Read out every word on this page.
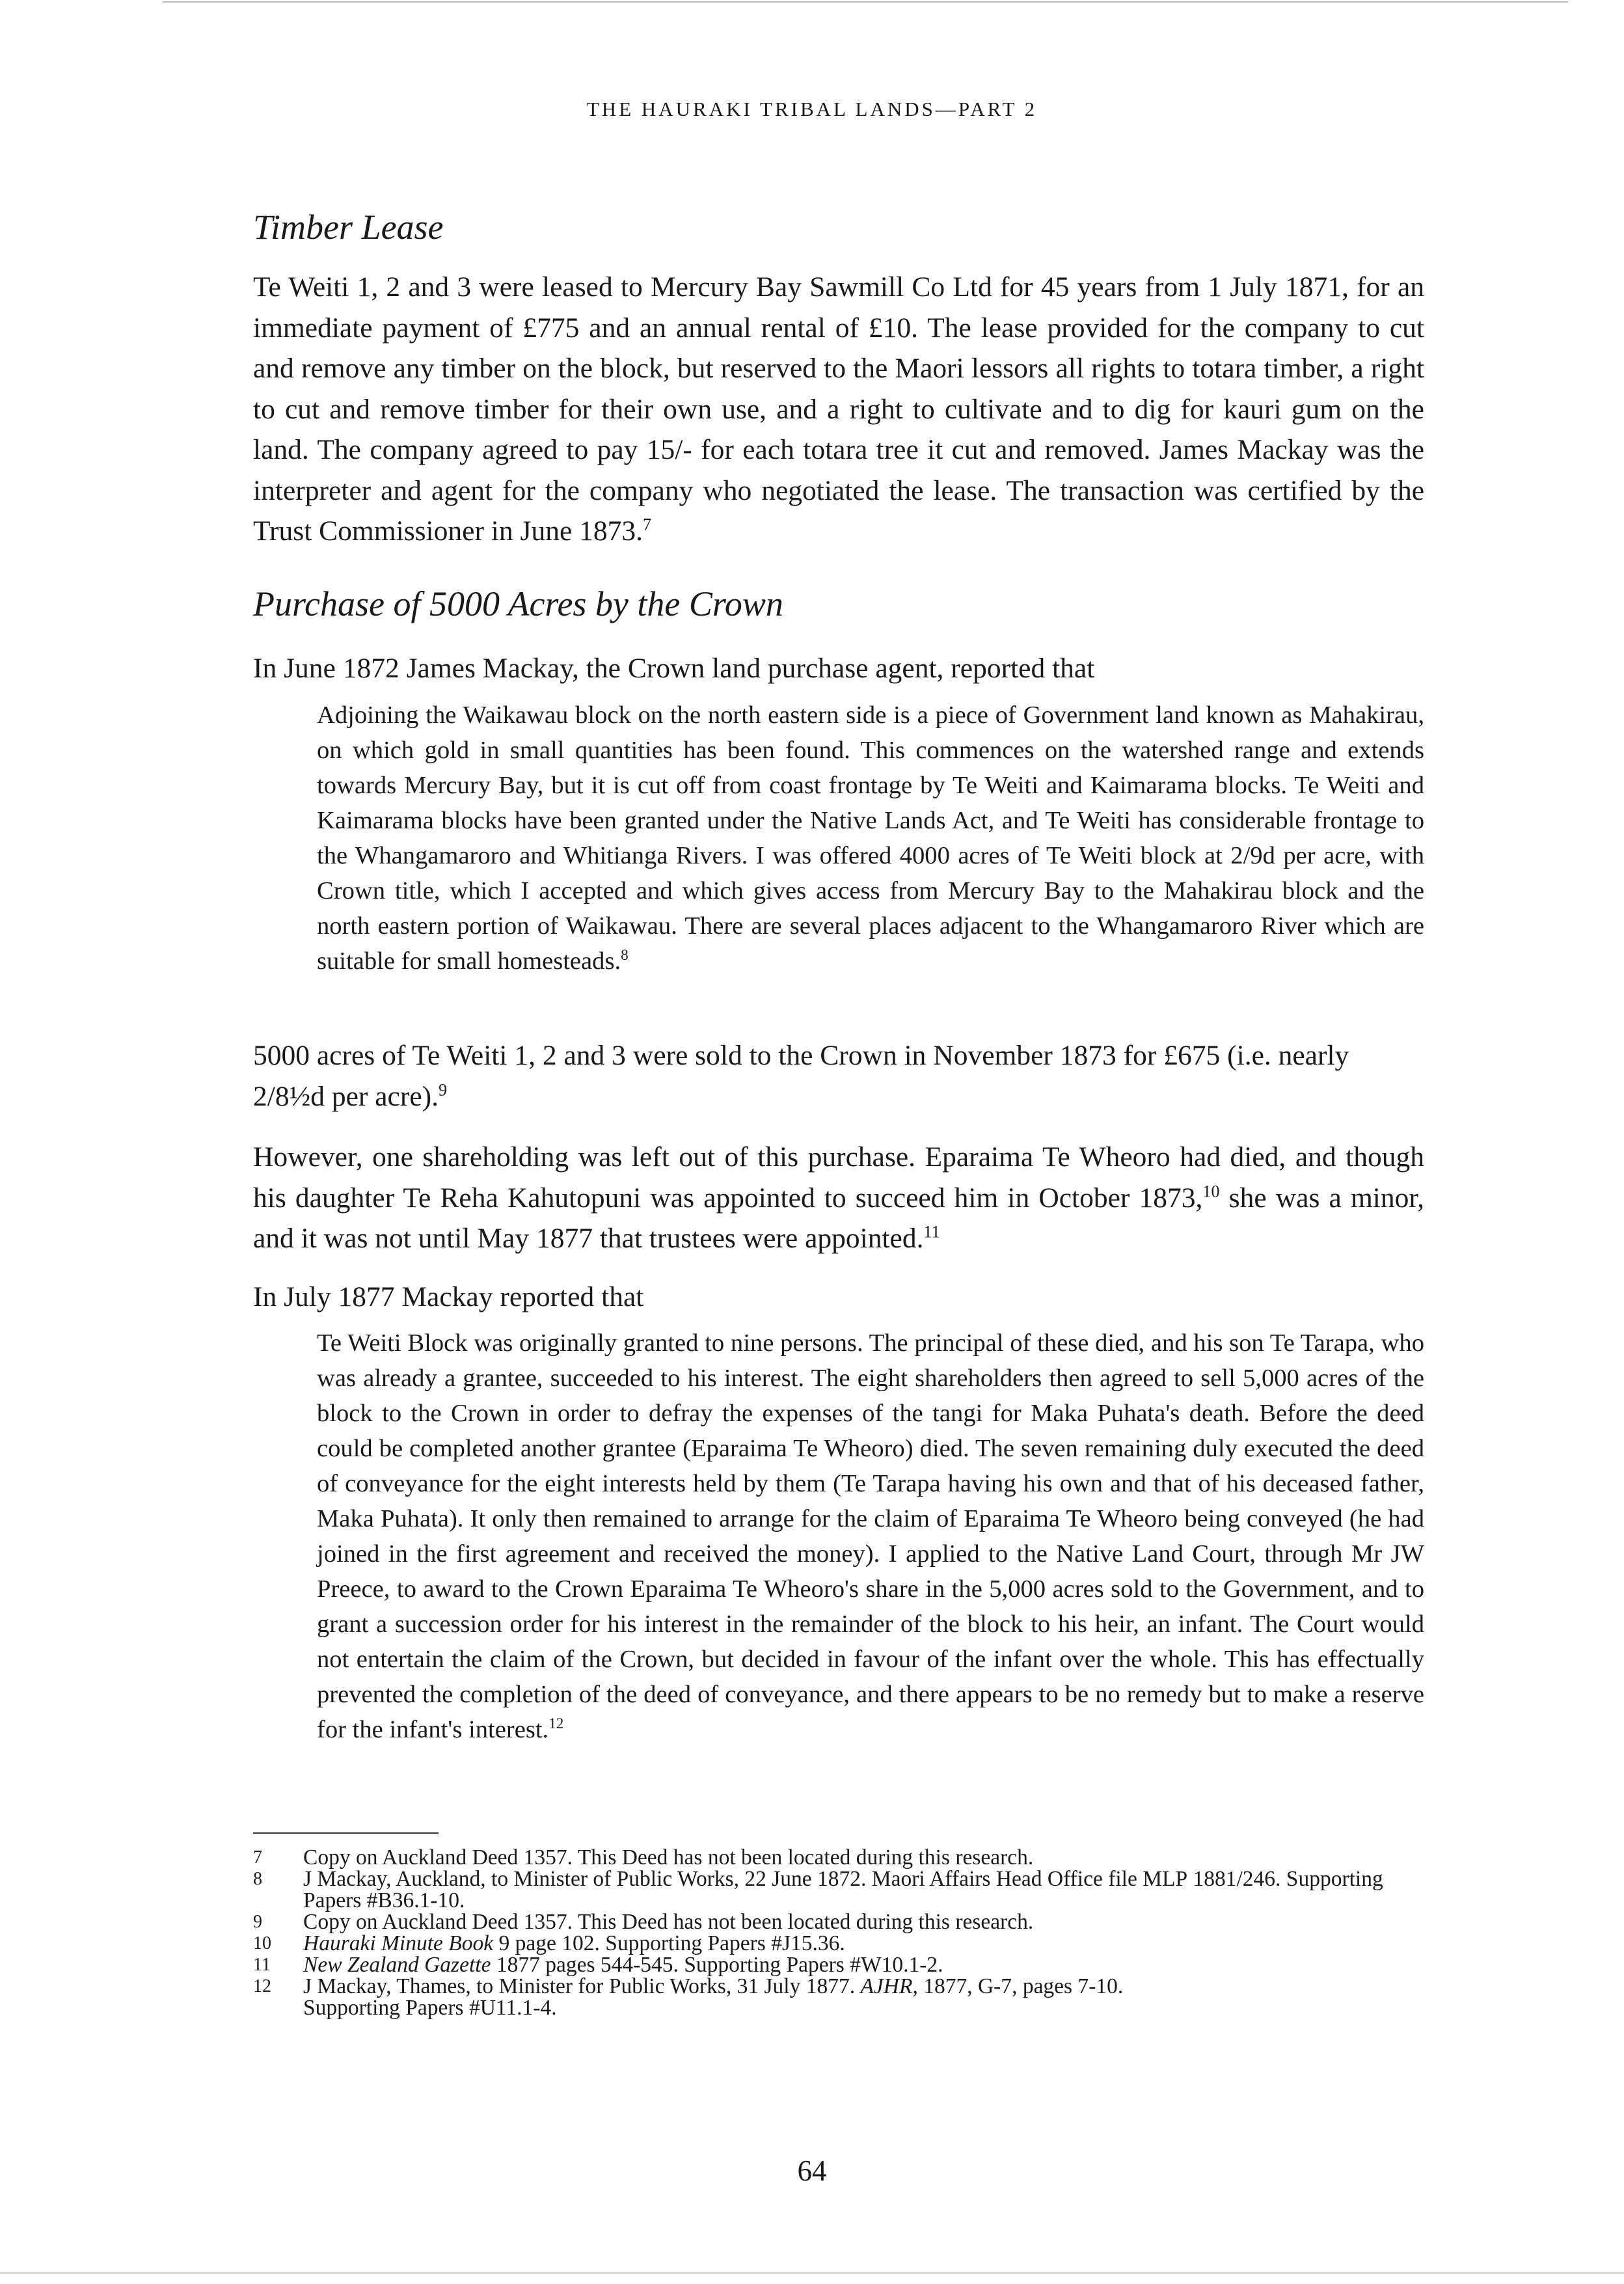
THE HAURAKI TRIBAL LANDS—PART 2
Timber Lease

Te Weiti 1, 2 and 3 were leased to Mercury Bay Sawmill Co Ltd for 45 years from 1 July 1871, for an immediate payment of £775 and an annual rental of £10. The lease provided for the company to cut and remove any timber on the block, but reserved to the Maori lessors all rights to totara timber, a right to cut and remove timber for their own use, and a right to cultivate and to dig for kauri gum on the land. The company agreed to pay 15/- for each totara tree it cut and removed. James Mackay was the interpreter and agent for the company who negotiated the lease. The transaction was certified by the Trust Commissioner in June 1873.$^7$

Purchase of 5000 Acres by the Crown

In June 1872 James Mackay, the Crown land purchase agent, reported that

Adjoining the Waikawau block on the north eastern side is a piece of Government land known as Mahakirau, on which gold in small quantities has been found. This commences on the watershed range and extends towards Mercury Bay, but it is cut off from coast frontage by Te Weiti and Kaimarama blocks. Te Weiti and Kaimarama blocks have been granted under the Native Lands Act, and Te Weiti has considerable frontage to the Whangamaroro and Whitianga Rivers. I was offered 4000 acres of Te Weiti block at 2/9d per acre, with Crown title, which I accepted and which gives access from Mercury Bay to the Mahakirau block and the north eastern portion of Waikawau. There are several places adjacent to the Whangamaroro River which are suitable for small homesteads.$^8$

5000 acres of Te Weiti 1, 2 and 3 were sold to the Crown in November 1873 for £675 (i.e. nearly 2/8½d per acre).$^9$

However, one shareholding was left out of this purchase. Eparaima Te Wheoro had died, and though his daughter Te Reha Kahutopuni was appointed to succeed him in October 1873,10 she was a minor, and it was not until May 1877 that trustees were appointed.$^{11}$

In July 1877 Mackay reported that

Te Weiti Block was originally granted to nine persons. The principal of these died, and his son Te Tarapa, who was already a grantee, succeeded to his interest. The eight shareholders then agreed to sell 5,000 acres of the block to the Crown in order to defray the expenses of the tangi for Maka Puhata's death. Before the deed could be completed another grantee (Eparaima Te Wheoro) died. The seven remaining duly executed the deed of conveyance for the eight interests held by them (Te Tarapa having his own and that of his deceased father, Maka Puhata). It only then remained to arrange for the claim of Eparaima Te Wheoro being conveyed (he had joined in the first agreement and received the money). I applied to the Native Land Court, through Mr JW Preece, to award to the Crown Eparaima Te Wheoro's share in the 5,000 acres sold to the Government, and to grant a succession order for his interest in the remainder of the block to his heir, an infant. The Court would not entertain the claim of the Crown, but decided in favour of the infant over the whole. This has effectually prevented the completion of the deed of conveyance, and there appears to be no remedy but to make a reserve for the infant's interest.$^{12}$

7	Copy on Auckland Deed 1357. This Deed has not been located during this research.

8	J Mackay, Auckland, to Minister of Public Works, 22 June 1872. Maori Affairs Head Office file MLP 1881/246. Supporting Papers #B36.1-10.

9	Copy on Auckland Deed 1357. This Deed has not been located during this research.

10	Hauraki Minute Book 9 page 102. Supporting Papers #J15.36.

11	New Zealand Gazette 1877 pages 544-545. Supporting Papers #W10.1-2.

12	J Mackay, Thames, to Minister for Public Works, 31 July 1877. AJHR, 1877, G-7, pages 7-10.
Supporting Papers #U11.1-4.

64
